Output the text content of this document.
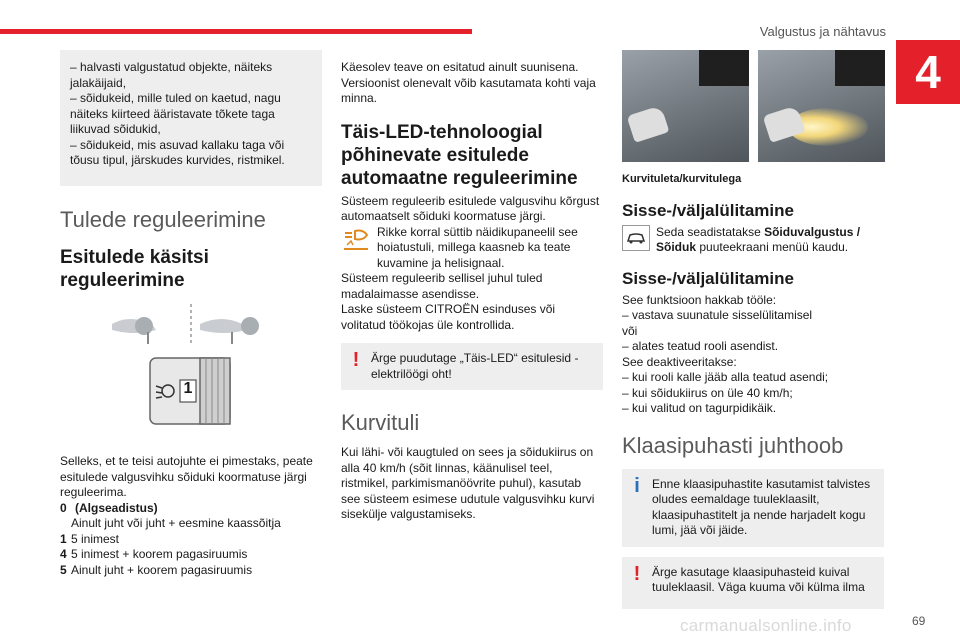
Valgustus ja nähtavus
4

– halvasti valgustatud objekte, näiteks jalakäijaid,

– sõidukeid, mille tuled on kaetud, nagu näiteks kiirteed ääristavate tõkete taga liikuvad sõidukid,

– sõidukeid, mis asuvad kallaku taga või tõusu tipul, järskudes kurvides, ristmikel.

Tulede reguleerimine
Esitulede käsitsi reguleerimine
1

Selleks, et te teisi autojuhte ei pimestaks, peate esitulede valgusvihku sõiduki koormatuse järgi reguleerima.

0 (Algseadistus)
Ainult juht või juht + eesmine kaassõitja
1 5 inimest
4 5 inimest + koorem pagasiruumis
5 Ainult juht + koorem pagasiruumis

Käesolev teave on esitatud ainult suunisena. Versioonist olenevalt võib kasutamata kohti vaja minna.

Täis-LED-tehnoloogial põhinevate esitulede automaatne reguleerimine

Süsteem reguleerib esitulede valgusvihu kõrgust automaatselt sõiduki koormatuse järgi.

Rikke korral süttib näidikupaneelil see hoiatustuli, millega kaasneb ka teate kuvamine ja helisignaal.

Süsteem reguleerib sellisel juhul tuled madalaimasse asendisse.

Laske süsteem CITROËN esinduses või volitatud töökojas üle kontrollida.

! Ärge puudutage „Täis-LED“ esitulesid - elektrilöögi oht!

Kurvituli

Kui lähi- või kaugtuled on sees ja sõidukiirus on alla 40 km/h (sõit linnas, käänulisel teel, ristmikel, parkimismanöövrite puhul), kasutab see süsteem esimese udutule valgusvihku kurvi sisekülje valgustamiseks.

Kurvituleta/kurvitulega

Sisse-/väljalülitamine

Seda seadistatakse Sõiduvalgustus / Sõiduk puuteekraani menüü kaudu.

Sisse-/väljalülitamine

See funktsioon hakkab tööle:

– vastava suunatule sisselülitamisel

või

– alates teatud rooli asendist.

See deaktiveeritakse:

– kui rooli kalle jääb alla teatud asendi;

– kui sõidukiirus on üle 40 km/h;

– kui valitud on tagurpidikäik.

Klaasipuhasti juhthoob
i	Enne klaasipuhastite kasutamist talvistes oludes eemaldage tuuleklaasilt, klaasipuhastitelt ja nende harjadelt kogu lumi, jää või jäide.

! Ärge kasutage klaasipuhasteid kuival tuuleklaasil. Väga kuuma või külma ilma

carmanualsonline.info	69
